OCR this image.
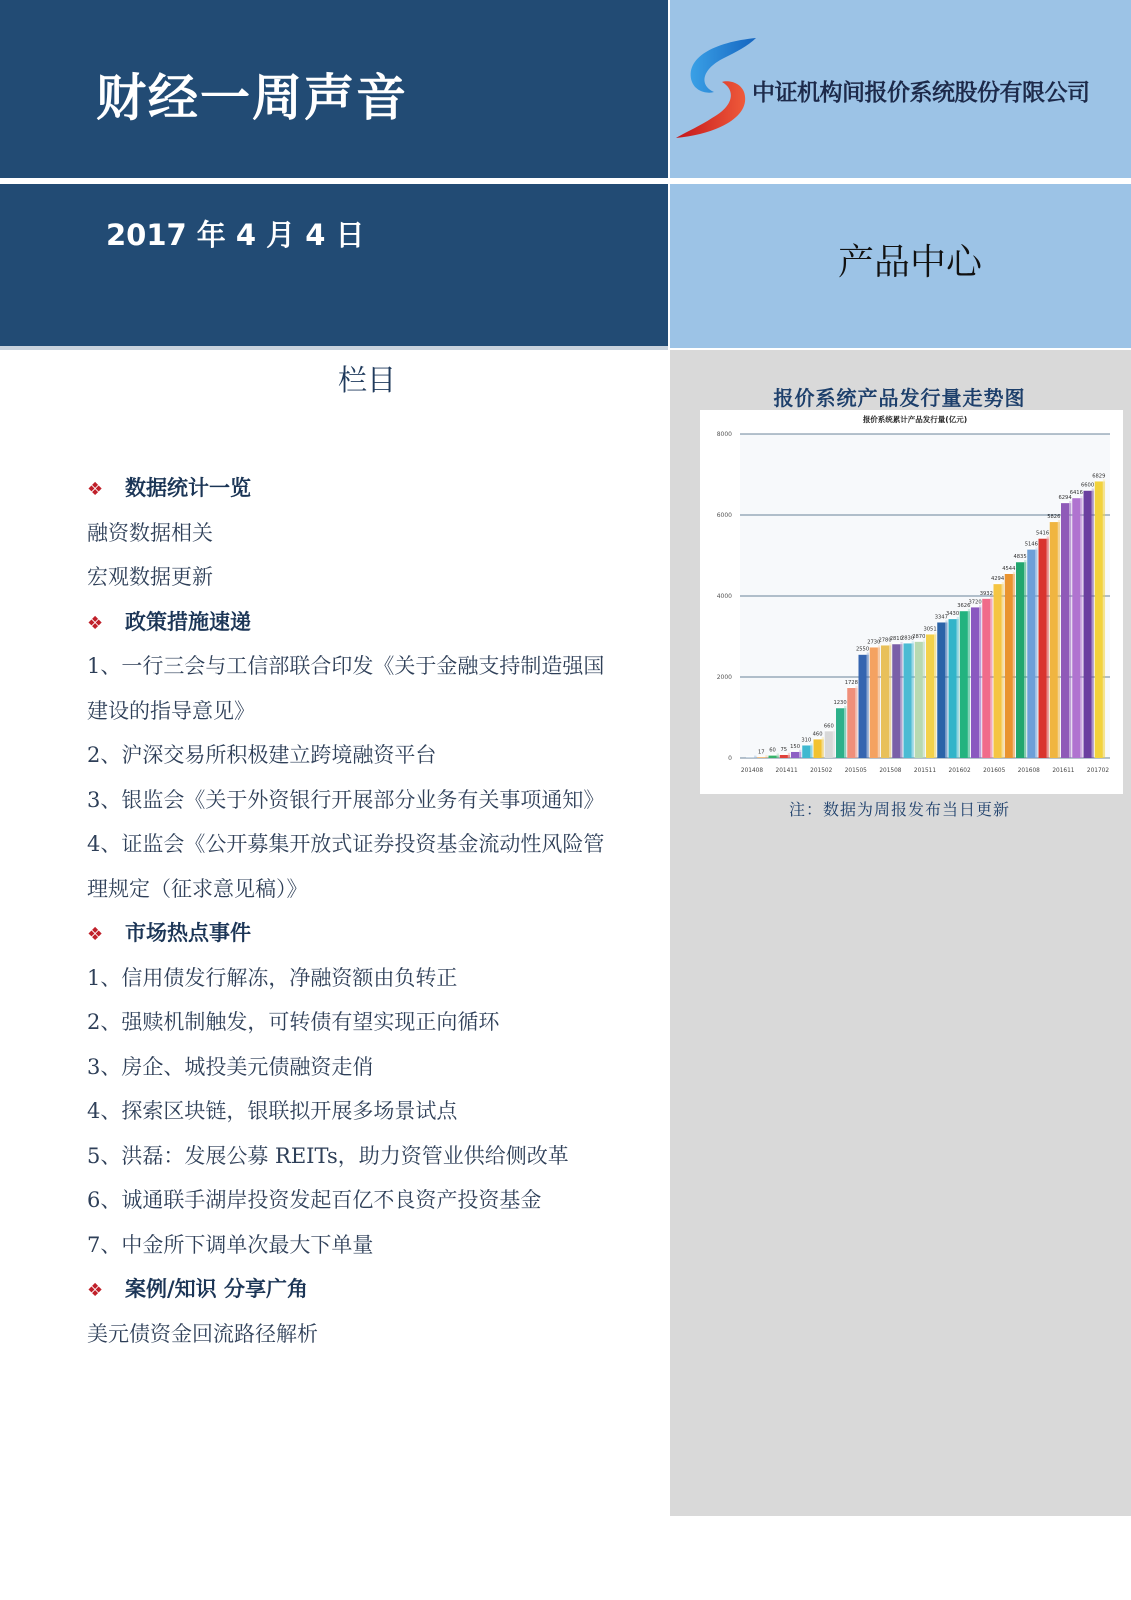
财经一周声音
2017 年 4 月 4 日
中证机构间报价系统股份有限公司
产品中心
栏目
❖ 数据统计一览
融资数据相关
宏观数据更新
❖ 政策措施速递
1、一行三会与工信部联合印发《关于金融支持制造强国
建设的指导意见》
2、沪深交易所积极建立跨境融资平台
3、银监会《关于外资银行开展部分业务有关事项通知》
4、证监会《公开募集开放式证券投资基金流动性风险管
理规定（征求意见稿）》
❖ 市场热点事件
1、信用债发行解冻，净融资额由负转正
2、强赎机制触发，可转债有望实现正向循环
3、房企、城投美元债融资走俏
4、探索区块链，银联拟开展多场景试点
5、洪磊：发展公募 REITs，助力资管业供给侧改革
6、诚通联手湖岸投资发起百亿不良资产投资基金
7、中金所下调单次最大下单量
❖ 案例/知识 分享广角
美元债资金回流路径解析
报价系统产品发行量走势图
报价系统累计产品发行量(亿元)
0
2000
4000
6000
8000
17 60 75
150
310
460
660
1230
1728
2550
2730
2780
2810
2830
2870
3051
3347
3430
3626
3720
3932
4294
4544
4835
5146
5416
5826
6294
6416
6600
6829
201408 201411 201502 201505 201508 201511 201602 201605 201608 201611 201702
注：数据为周报发布当日更新
